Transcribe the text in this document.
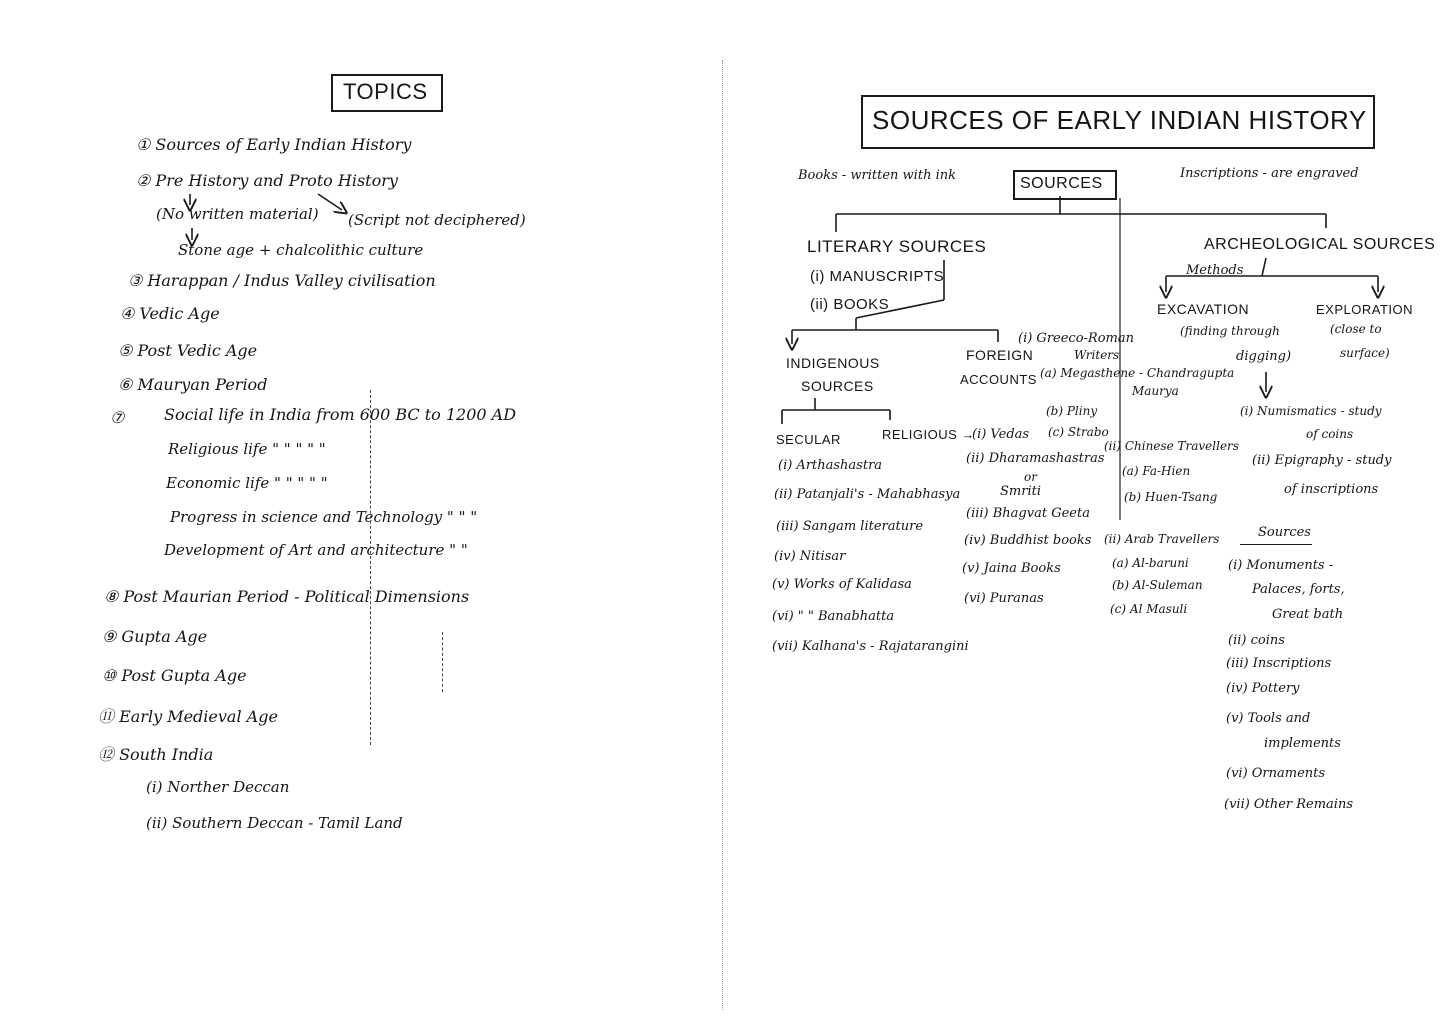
TOPICS
① Sources of Early Indian History
② Pre History and Proto History
(No written material) (Script not deciphered)
Stone age + chalcolithic culture
③ Harappan / Indus Valley civilisation
④ Vedic Age
⑤ Post Vedic Age
⑥ Mauryan Period
⑦ Social life in India from 600 BC to 1200 AD
Religious life " " " " "
Economic life " " " " "
Progress in science and Technology " " "
Development of Art and architecture " "
⑧ Post Maurian Period - Political Dimensions
⑨ Gupta Age
⑩ Post Gupta Age
⑪ Early Medieval Age
⑫ South India
(i) Norther Deccan
(ii) Southern Deccan - Tamil Land
SOURCES OF EARLY INDIAN HISTORY
Books - written with ink	SOURCES
Inscriptions - are engraved
LITERARY SOURCES
(i) MANUSCRIPTS
(ii) BOOKS
INDIGENOUS
SOURCES
FOREIGN
ACCOUNTS
SECULAR	RELIGIOUS →
(i) Arthashastra
(ii) Patanjali's - Mahabhasya
(iii) Sangam literature
(iv) Nitisar
(v) Works of Kalidasa
(vi) " " Banabhatta
(vii) Kalhana's - Rajatarangini
(i) Vedas
(ii) Dharamashastras
or
Smriti
(iii) Bhagvat Geeta
(iv) Buddhist books
(v) Jaina Books
(vi) Puranas
(i) Greeco-Roman
Writers
(a) Megasthene - Chandragupta
Maurya
(b) Pliny
(c) Strabo
(ii) Chinese Travellers
(a) Fa-Hien
(b) Huen-Tsang
(ii) Arab Travellers
(a) Al-baruni
(b) Al-Suleman
(c) Al Masuli
ARCHEOLOGICAL SOURCES
Methods
EXCAVATION
(finding through
digging)
EXPLORATION
(close to
surface)
(i) Numismatics - study
of coins
(ii) Epigraphy - study
of inscriptions
Sources
(i) Monuments -
Palaces, forts,
Great bath
(ii) coins
(iii) Inscriptions
(iv) Pottery
(v) Tools and
implements
(vi) Ornaments
(vii) Other Remains
